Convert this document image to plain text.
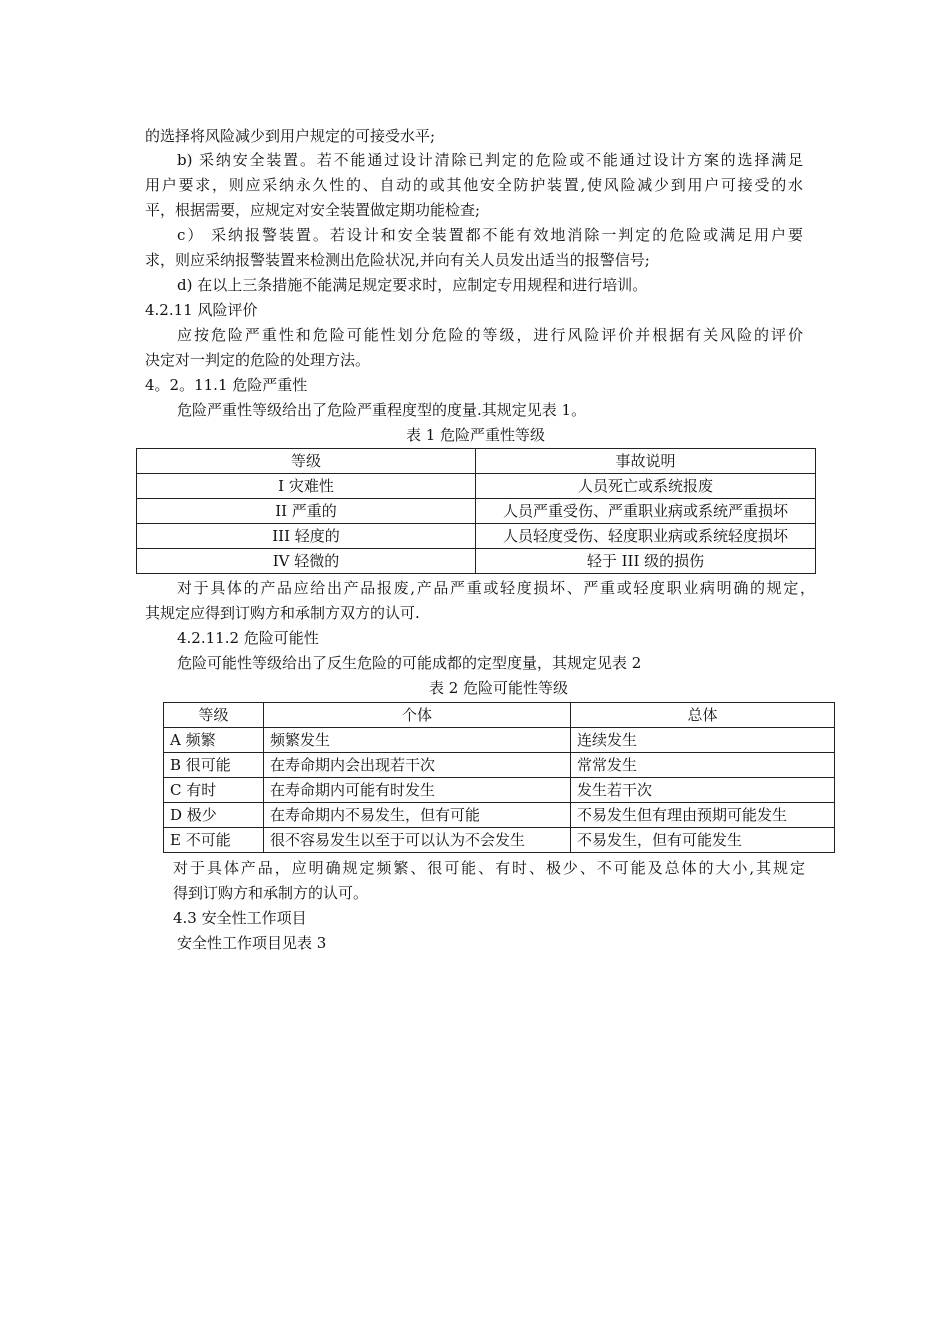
的选择将风险减少到用户规定的可接受水平;
b) 采纳安全装置。若不能通过设计清除已判定的危险或不能通过设计方案的选择满足
用户要求，则应采纳永久性的、自动的或其他安全防护装置,使风险减少到用户可接受的水
平，根据需要，应规定对安全装置做定期功能检查;
c） 采纳报警装置。若设计和安全装置都不能有效地消除一判定的危险或满足用户要
求，则应采纳报警装置来检测出危险状况,并向有关人员发出适当的报警信号;
d) 在以上三条措施不能满足规定要求时，应制定专用规程和进行培训。
4.2.11 风险评价
应按危险严重性和危险可能性划分危险的等级，进行风险评价并根据有关风险的评价
决定对一判定的危险的处理方法。
4。2。11.1 危险严重性
危险严重性等级给出了危险严重程度型的度量.其规定见表 1。
表 1 危险严重性等级
等级	事故说明
I 灾难性	人员死亡或系统报废
II 严重的	人员严重受伤、严重职业病或系统严重损坏
III 轻度的	人员轻度受伤、轻度职业病或系统轻度损坏
IV 轻微的	轻于 III 级的损伤
对于具体的产品应给出产品报废,产品严重或轻度损坏、严重或轻度职业病明确的规定，
其规定应得到订购方和承制方双方的认可.
4.2.11.2 危险可能性
危险可能性等级给出了反生危险的可能成都的定型度量，其规定见表 2
表 2 危险可能性等级
等级	个体	总体
A 频繁	频繁发生	连续发生
B 很可能	在寿命期内会出现若干次	常常发生
C 有时	在寿命期内可能有时发生	发生若干次
D 极少	在寿命期内不易发生，但有可能	不易发生但有理由预期可能发生
E 不可能	很不容易发生以至于可以认为不会发生	不易发生，但有可能发生
对于具体产品，应明确规定频繁、很可能、有时、极少、不可能及总体的大小,其规定
得到订购方和承制方的认可。
4.3 安全性工作项目
安全性工作项目见表 3
